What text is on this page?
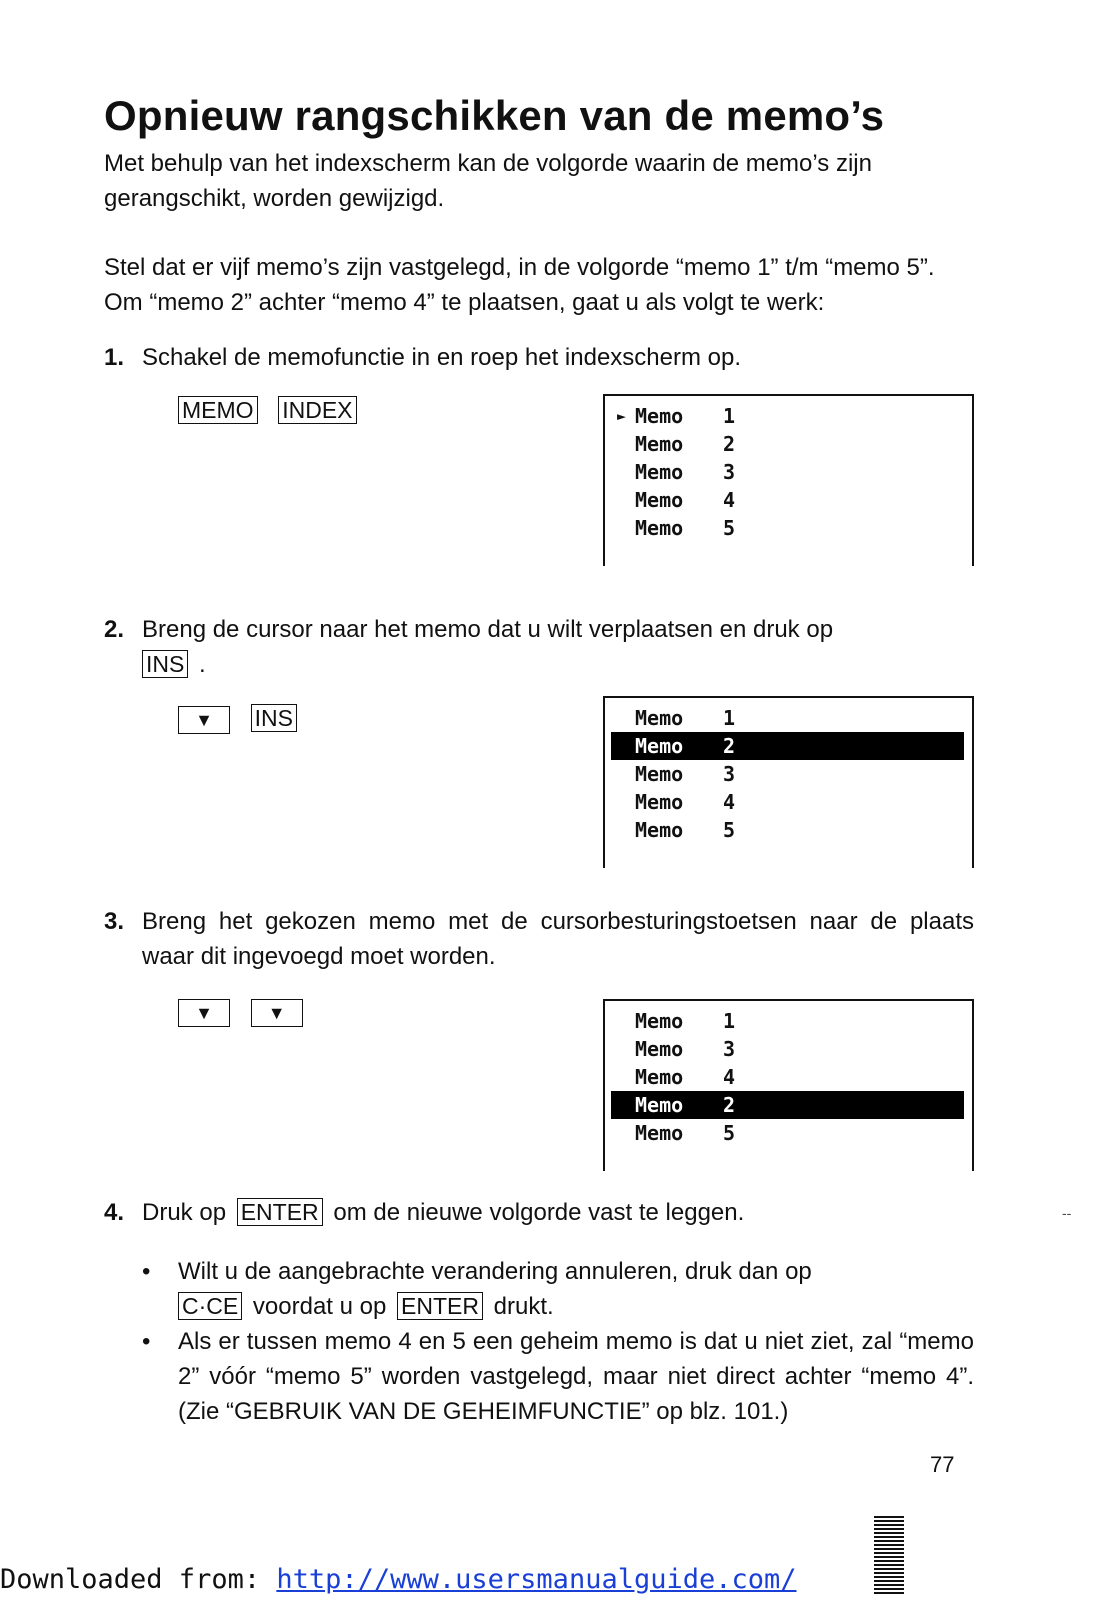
Opnieuw rangschikken van de memo’s

Met behulp van het indexscherm kan de volgorde waarin de memo’s zijn gerangschikt, worden gewijzigd.

Stel dat er vijf memo’s zijn vastgelegd, in de volgorde “memo 1” t/m “memo 5”. Om “memo 2” achter “memo 4” te plaatsen, gaat u als volgt te werk:

1. Schakel de memofunctie in en roep het indexscherm op.
MEMO INDEX	► Memo 1
Memo 2
Memo 3
Memo 4
Memo 5
2. Breng de cursor naar het memo dat u wilt verplaatsen en druk op
INS .
▼ INS	Memo 1
Memo 2
Memo 3
Memo 4
Memo 5
3. Breng het gekozen memo met de cursorbesturingstoetsen naar de plaats waar dit ingevoegd moet worden.
▼	▼	Memo 1
Memo 3
Memo 4
Memo 2
Memo 5
4. Druk op ENTER om de nieuwe volgorde vast te leggen.
• Wilt u de aangebrachte verandering annuleren, druk dan op
C·CE voordat u op ENTER drukt.
• Als er tussen memo 4 en 5 een geheim memo is dat u niet ziet, zal “memo 2” vóór “memo 5” worden vastgelegd, maar niet direct achter “memo 4”. (Zie “GEBRUIK VAN DE GEHEIMFUNCTIE” op blz. 101.)
--
77
Downloaded from: http://www.usersmanualguide.com/
